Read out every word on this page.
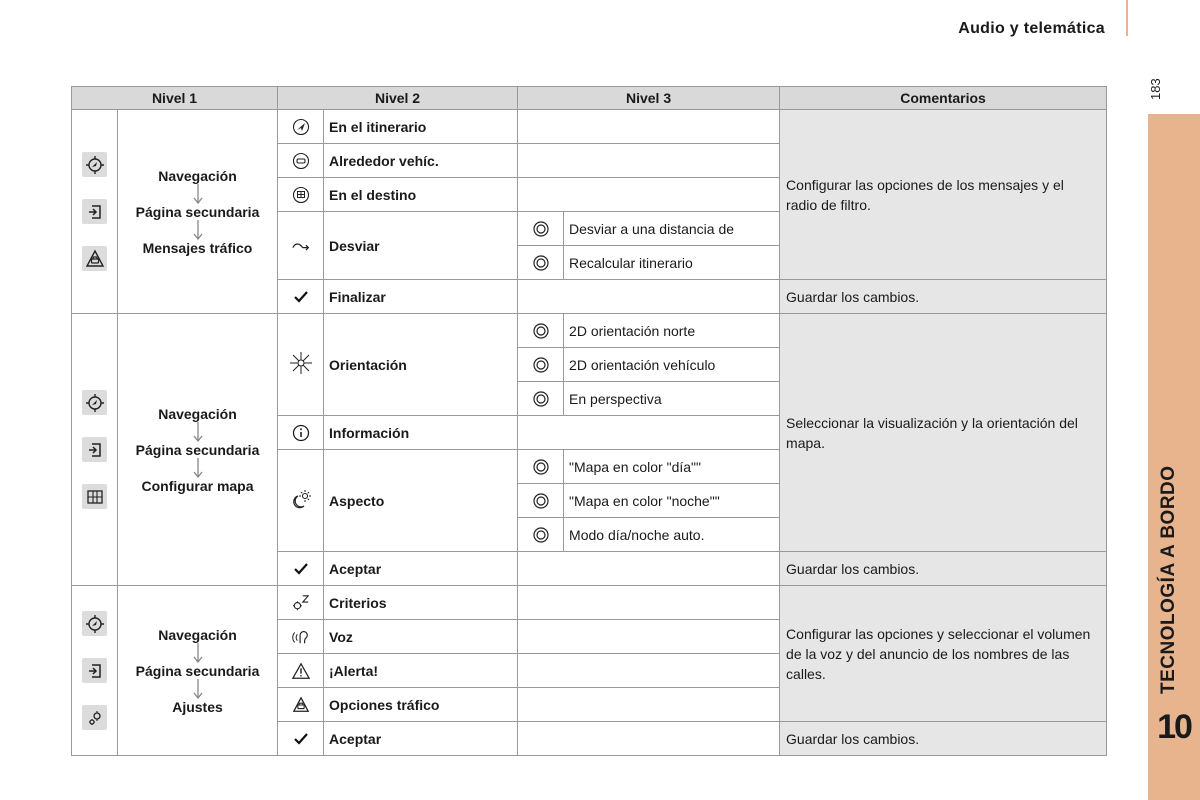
Audio y telemática
183
TECNOLOGÍA A BORDO
10
Nivel 1		Nivel 2		Nivel 3		Comentarios

Navegación
Página secundaria
Mensajes tráfico		En el itinerario			Configurar las opciones de los mensajes y el radio de filtro.
	Alrededor vehíc.			
	En el destino			
	Desviar		Desviar a una distancia de	
	Recalcular itinerario	
	Finalizar			Guardar los cambios.

Navegación
Página secundaria
Configurar mapa		Orientación		2D orientación norte	Seleccionar la visualización y la orientación del mapa.
	2D orientación vehículo	
	En perspectiva	
	Información			
	Aspecto		"Mapa en color "día""	
	"Mapa en color "noche""	
	Modo día/noche auto.	
	Aceptar			Guardar los cambios.

Navegación
Página secundaria
Ajustes		Criterios			Configurar las opciones y seleccionar el volumen de la voz y del anuncio de los nombres de las calles.
	Voz			
	¡Alerta!			
	Opciones tráfico			
	Aceptar			Guardar los cambios.
